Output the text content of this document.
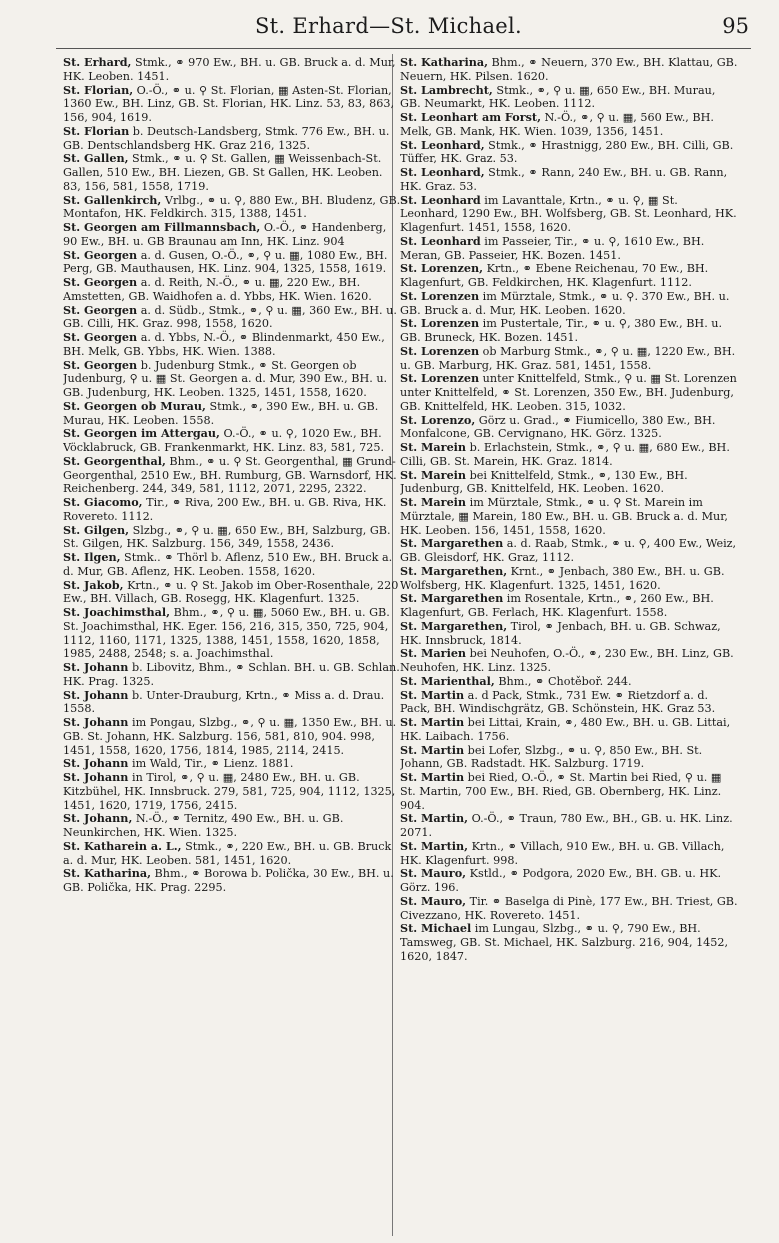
St. Erhard—St. Michael.	95

St. Erhard, Stmk., ⚭ 970 Ew., BH. u. GB. Bruck a. d. Mur, HK. Leoben. 1451.

St. Florian, O.-Ö., ⚭ u. ⚲ St. Florian, ▦ Asten-St. Florian, 1360 Ew., BH. Linz, GB. St. Florian, HK. Linz. 53, 83, 863, 156, 904, 1619.

St. Florian b. Deutsch-Landsberg, Stmk. 776 Ew., BH. u. GB. Dentschlandsberg HK. Graz 216, 1325.

St. Gallen, Stmk., ⚭ u. ⚲ St. Gallen, ▦ Weissenbach-St. Gallen, 510 Ew., BH. Liezen, GB. St Gallen, HK. Leoben. 83, 156, 581, 1558, 1719.

St. Gallenkirch, Vrlbg., ⚭ u. ⚲, 880 Ew., BH. Bludenz, GB. Montafon, HK. Feldkirch. 315, 1388, 1451.

St. Georgen am Fillmannsbach, O.-Ö., ⚭ Handenberg, 90 Ew., BH. u. GB Braunau am Inn, HK. Linz. 904

St. Georgen a. d. Gusen, O.-Ö., ⚭, ⚲ u. ▦, 1080 Ew., BH. Perg, GB. Mauthausen, HK. Linz. 904, 1325, 1558, 1619.

St. Georgen a. d. Reith, N.-Ö., ⚭ u. ▦, 220 Ew., BH. Amstetten, GB. Waidhofen a. d. Ybbs, HK. Wien. 1620.

St. Georgen a. d. Südb., Stmk., ⚭, ⚲ u. ▦, 360 Ew., BH. u. GB. Cilli, HK. Graz. 998, 1558, 1620.

St. Georgen a. d. Ybbs, N.-Ö., ⚭ Blindenmarkt, 450 Ew., BH. Melk, GB. Ybbs, HK. Wien. 1388.

St. Georgen b. Judenburg Stmk., ⚭ St. Georgen ob Judenburg, ⚲ u. ▦ St. Georgen a. d. Mur, 390 Ew., BH. u. GB. Judenburg, HK. Leoben. 1325, 1451, 1558, 1620.

St. Georgen ob Murau, Stmk., ⚭, 390 Ew., BH. u. GB. Murau, HK. Leoben. 1558.

St. Georgen im Attergau, O.-Ö., ⚭ u. ⚲, 1020 Ew., BH. Vöcklabruck, GB. Frankenmarkt, HK. Linz. 83, 581, 725.

St. Georgenthal, Bhm., ⚭ u. ⚲ St. Georgenthal, ▦ Grund-Georgenthal, 2510 Ew., BH. Rumburg, GB. Warnsdorf, HK. Reichenberg. 244, 349, 581, 1112, 2071, 2295, 2322.

St. Giacomo, Tir., ⚭ Riva, 200 Ew., BH. u. GB. Riva, HK. Rovereto. 1112.

St. Gilgen, Slzbg., ⚭, ⚲ u. ▦, 650 Ew., BH, Salzburg, GB. St. Gilgen, HK. Salzburg. 156, 349, 1558, 2436.

St. Ilgen, Stmk.. ⚭ Thörl b. Aflenz, 510 Ew., BH. Bruck a. d. Mur, GB. Aflenz, HK. Leoben. 1558, 1620.

St. Jakob, Krtn., ⚭ u. ⚲ St. Jakob im Ober-Rosenthale, 220 Ew., BH. Villach, GB. Rosegg, HK. Klagenfurt. 1325.

St. Joachimsthal, Bhm., ⚭, ⚲ u. ▦, 5060 Ew., BH. u. GB. St. Joachimsthal, HK. Eger. 156, 216, 315, 350, 725, 904, 1112, 1160, 1171, 1325, 1388, 1451, 1558, 1620, 1858, 1985, 2488, 2548; s. a. Joachimsthal.

St. Johann b. Libovitz, Bhm., ⚭ Schlan. BH. u. GB. Schlan. HK. Prag. 1325.

St. Johann b. Unter-Drauburg, Krtn., ⚭ Miss a. d. Drau. 1558.

St. Johann im Pongau, Slzbg., ⚭, ⚲ u. ▦, 1350 Ew., BH. u. GB. St. Johann, HK. Salzburg. 156, 581, 810, 904. 998, 1451, 1558, 1620, 1756, 1814, 1985, 2114, 2415.

St. Johann im Wald, Tir., ⚭ Lienz. 1881.

St. Johann in Tirol, ⚭, ⚲ u. ▦, 2480 Ew., BH. u. GB. Kitzbühel, HK. Innsbruck. 279, 581, 725, 904, 1112, 1325, 1451, 1620, 1719, 1756, 2415.

St. Johann, N.-Ö., ⚭ Ternitz, 490 Ew., BH. u. GB. Neunkirchen, HK. Wien. 1325.

St. Katharein a. L., Stmk., ⚭, 220 Ew., BH. u. GB. Bruck a. d. Mur, HK. Leoben. 581, 1451, 1620.

St. Katharina, Bhm., ⚭ Borowa b. Polička, 30 Ew., BH. u. GB. Polička, HK. Prag. 2295.

St. Katharina, Bhm., ⚭ Neuern, 370 Ew., BH. Klattau, GB. Neuern, HK. Pilsen. 1620.

St. Lambrecht, Stmk., ⚭, ⚲ u. ▦, 650 Ew., BH. Murau, GB. Neumarkt, HK. Leoben. 1112.

St. Leonhart am Forst, N.-Ö., ⚭, ⚲ u. ▦, 560 Ew., BH. Melk, GB. Mank, HK. Wien. 1039, 1356, 1451.

St. Leonhard, Stmk., ⚭ Hrastnigg, 280 Ew., BH. Cilli, GB. Tüffer, HK. Graz. 53.

St. Leonhard, Stmk., ⚭ Rann, 240 Ew., BH. u. GB. Rann, HK. Graz. 53.

St. Leonhard im Lavanttale, Krtn., ⚭ u. ⚲, ▦ St. Leonhard, 1290 Ew., BH. Wolfsberg, GB. St. Leonhard, HK. Klagenfurt. 1451, 1558, 1620.

St. Leonhard im Passeier, Tir., ⚭ u. ⚲, 1610 Ew., BH. Meran, GB. Passeier, HK. Bozen. 1451.

St. Lorenzen, Krtn., ⚭ Ebene Reichenau, 70 Ew., BH. Klagenfurt, GB. Feldkirchen, HK. Klagenfurt. 1112.

St. Lorenzen im Mürztale, Stmk., ⚭ u. ⚲. 370 Ew., BH. u. GB. Bruck a. d. Mur, HK. Leoben. 1620.

St. Lorenzen im Pustertale, Tir., ⚭ u. ⚲, 380 Ew., BH. u. GB. Bruneck, HK. Bozen. 1451.

St. Lorenzen ob Marburg Stmk., ⚭, ⚲ u. ▦, 1220 Ew., BH. u. GB. Marburg, HK. Graz. 581, 1451, 1558.

St. Lorenzen unter Knittelfeld, Stmk., ⚲ u. ▦ St. Lorenzen unter Knittelfeld, ⚭ St. Lorenzen, 350 Ew., BH. Judenburg, GB. Knittelfeld, HK. Leoben. 315, 1032.

St. Lorenzo, Görz u. Grad., ⚭ Fiumicello, 380 Ew., BH. Monfalcone, GB. Cervignano, HK. Görz. 1325.

St. Marein b. Erlachstein, Stmk., ⚭, ⚲ u. ▦, 680 Ew., BH. Cilli, GB. St. Marein, HK. Graz. 1814.

St. Marein bei Knittelfeld, Stmk., ⚭, 130 Ew., BH. Judenburg, GB. Knittelfeld, HK. Leoben. 1620.

St. Marein im Mürztale, Stmk., ⚭ u. ⚲ St. Marein im Mürztale, ▦ Marein, 180 Ew., BH. u. GB. Bruck a. d. Mur, HK. Leoben. 156, 1451, 1558, 1620.

St. Margarethen a. d. Raab, Stmk., ⚭ u. ⚲, 400 Ew., Weiz, GB. Gleisdorf, HK. Graz, 1112.

St. Margarethen, Krnt., ⚭ Jenbach, 380 Ew., BH. u. GB. Wolfsberg, HK. Klagenfurt. 1325, 1451, 1620.

St. Margarethen im Rosentale, Krtn., ⚭, 260 Ew., BH. Klagenfurt, GB. Ferlach, HK. Klagenfurt. 1558.

St. Margarethen, Tirol, ⚭ Jenbach, BH. u. GB. Schwaz, HK. Innsbruck, 1814.

St. Marien bei Neuhofen, O.-Ö., ⚭, 230 Ew., BH. Linz, GB. Neuhofen, HK. Linz. 1325.

St. Marienthal, Bhm., ⚭ Chotěboř. 244.

St. Martin a. d Pack, Stmk., 731 Ew. ⚭ Rietzdorf a. d. Pack, BH. Windischgrätz, GB. Schönstein, HK. Graz 53.

St. Martin bei Littai, Krain, ⚭, 480 Ew., BH. u. GB. Littai, HK. Laibach. 1756.

St. Martin bei Lofer, Slzbg., ⚭ u. ⚲, 850 Ew., BH. St. Johann, GB. Radstadt. HK. Salzburg. 1719.

St. Martin bei Ried, O.-Ö., ⚭ St. Martin bei Ried, ⚲ u. ▦ St. Martin, 700 Ew., BH. Ried, GB. Obernberg, HK. Linz. 904.

St. Martin, O.-Ö., ⚭ Traun, 780 Ew., BH., GB. u. HK. Linz. 2071.

St. Martin, Krtn., ⚭ Villach, 910 Ew., BH. u. GB. Villach, HK. Klagenfurt. 998.

St. Mauro, Kstld., ⚭ Podgora, 2020 Ew., BH. GB. u. HK. Görz. 196.

St. Mauro, Tir. ⚭ Baselga di Pinè, 177 Ew., BH. Triest, GB. Civezzano, HK. Rovereto. 1451.

St. Michael im Lungau, Slzbg., ⚭ u. ⚲, 790 Ew., BH. Tamsweg, GB. St. Michael, HK. Salzburg. 216, 904, 1452, 1620, 1847.
